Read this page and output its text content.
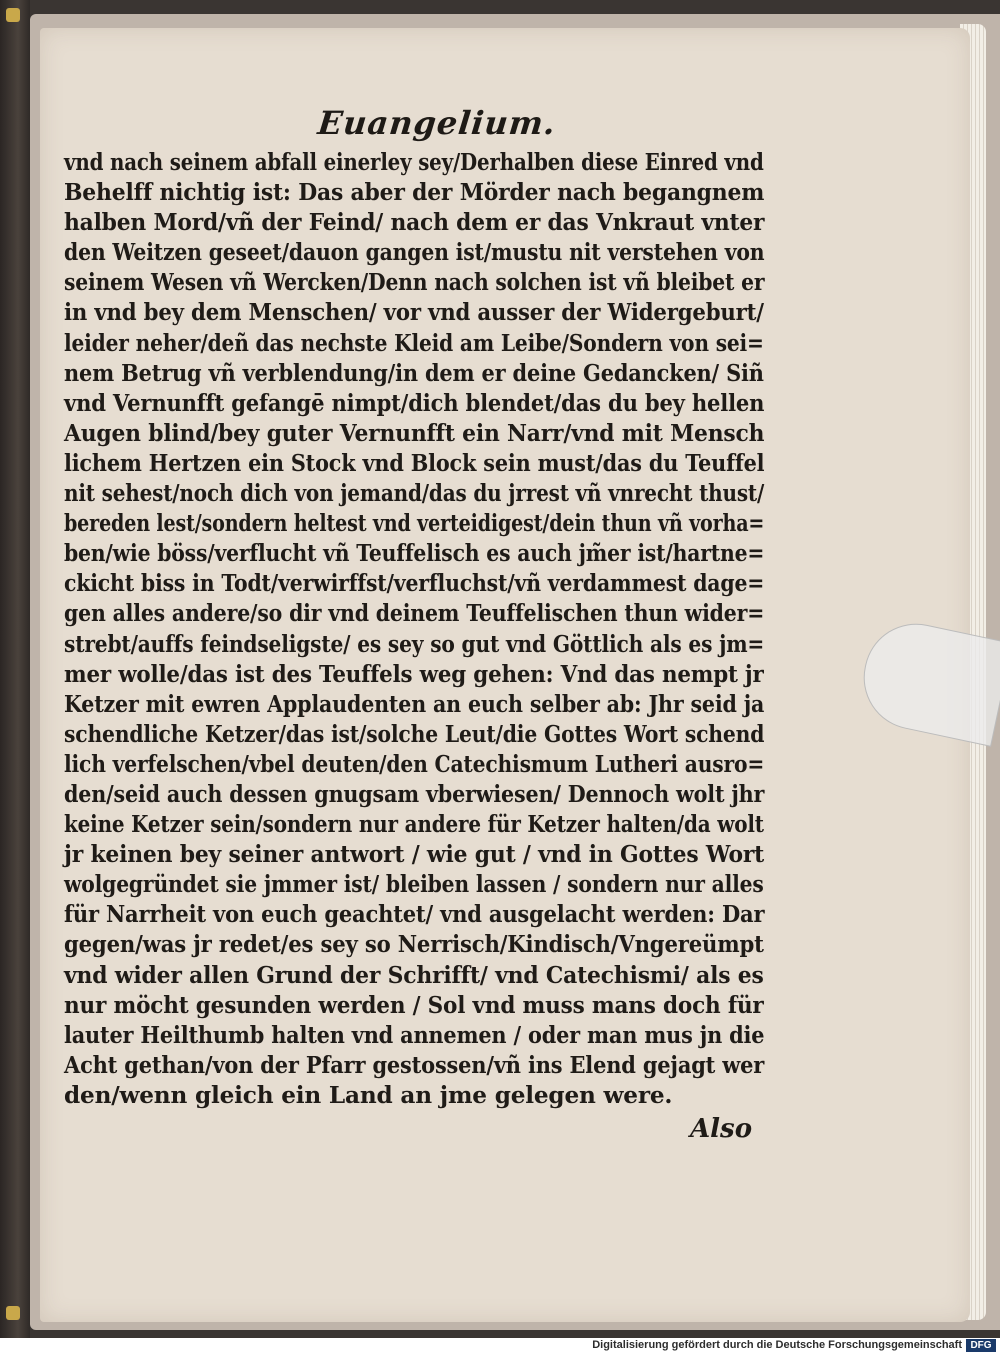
Euangelium.
vnd nach seinem abfall einerley sey/Derhalben diese Einred vnd
Behelff nichtig ist: Das aber der Mörder nach begangnem
halben Mord/vñ der Feind/ nach dem er das Vnkraut vnter
den Weitzen geseet/dauon gangen ist/mustu nit verstehen von
seinem Wesen vñ Wercken/Denn nach solchen ist vñ bleibet er
in vnd bey dem Menschen/ vor vnd ausser der Widergeburt/
leider neher/deñ das nechste Kleid am Leibe/Sondern von sei=
nem Betrug vñ verblendung/in dem er deine Gedancken/ Siñ
vnd Vernunfft gefangē nimpt/dich blendet/das du bey hellen
Augen blind/bey guter Vernunfft ein Narr/vnd mit Mensch
lichem Hertzen ein Stock vnd Block sein must/das du Teuffel
nit sehest/noch dich von jemand/das du jrrest vñ vnrecht thust/
bereden lest/sondern heltest vnd verteidigest/dein thun vñ vorha=
ben/wie böss/verflucht vñ Teuffelisch es auch jm̃er ist/hartne=
ckicht biss in Todt/verwirffst/verfluchst/vñ verdammest dage=
gen alles andere/so dir vnd deinem Teuffelischen thun wider=
strebt/auffs feindseligste/ es sey so gut vnd Göttlich als es jm=
mer wolle/das ist des Teuffels weg gehen: Vnd das nempt jr
Ketzer mit ewren Applaudenten an euch selber ab: Jhr seid ja
schendliche Ketzer/das ist/solche Leut/die Gottes Wort schend
lich verfelschen/vbel deuten/den Catechismum Lutheri ausro=
den/seid auch dessen gnugsam vberwiesen/ Dennoch wolt jhr
keine Ketzer sein/sondern nur andere für Ketzer halten/da wolt
jr keinen bey seiner antwort / wie gut / vnd in Gottes Wort
wolgegründet sie jmmer ist/ bleiben lassen / sondern nur alles
für Narrheit von euch geachtet/ vnd ausgelacht werden: Dar
gegen/was jr redet/es sey so Nerrisch/Kindisch/Vngereümpt
vnd wider allen Grund der Schrifft/ vnd Catechismi/ als es
nur möcht gesunden werden / Sol vnd muss mans doch für
lauter Heilthumb halten vnd annemen / oder man mus jn die
Acht gethan/von der Pfarr gestossen/vñ ins Elend gejagt wer
den/wenn gleich ein Land an jme gelegen were.
Also
Digitalisierung gefördert durch die Deutsche Forschungsgemeinschaft DFG
